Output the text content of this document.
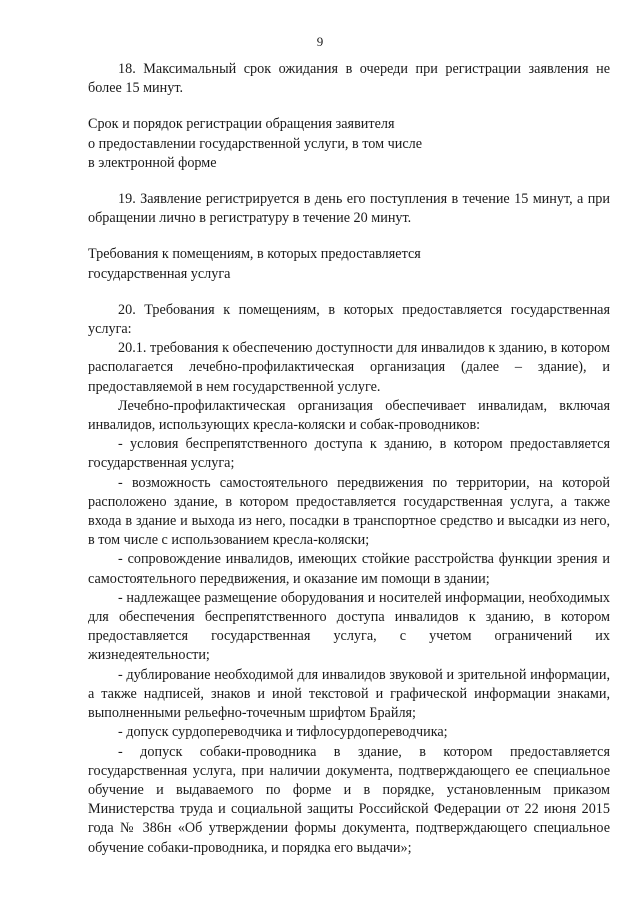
9

18. Максимальный срок ожидания в очереди при регистрации заявления не более 15 минут.

Срок и порядок регистрации обращения заявителя

о предоставлении государственной услуги, в том числе

в электронной форме

19. Заявление регистрируется в день его поступления в течение 15 минут, а при обращении лично в регистратуру в течение 20 минут.

Требования к помещениям, в которых предоставляется

государственная услуга

20. Требования к помещениям, в которых предоставляется государственная услуга:

20.1. требования к обеспечению доступности для инвалидов к зданию, в котором располагается лечебно-профилактическая организация (далее – здание), и предоставляемой в нем государственной услуге.

Лечебно-профилактическая организация обеспечивает инвалидам, включая инвалидов, использующих кресла-коляски и собак-проводников:

- условия беспрепятственного доступа к зданию, в котором предоставляется государственная услуга;

- возможность самостоятельного передвижения по территории, на которой расположено здание, в котором предоставляется государственная услуга, а также входа в здание и выхода из него, посадки в транспортное средство и высадки из него, в том числе с использованием кресла-коляски;

- сопровождение инвалидов, имеющих стойкие расстройства функции зрения и самостоятельного передвижения, и оказание им помощи в здании;

- надлежащее размещение оборудования и носителей информации, необходимых для обеспечения беспрепятственного доступа инвалидов к зданию, в котором предоставляется государственная услуга, с учетом ограничений их жизнедеятельности;

- дублирование необходимой для инвалидов звуковой и зрительной информации, а также надписей, знаков и иной текстовой и графической информации знаками, выполненными рельефно-точечным шрифтом Брайля;

- допуск сурдопереводчика и тифлосурдопереводчика;

- допуск собаки-проводника в здание, в котором предоставляется государственная услуга, при наличии документа, подтверждающего ее специальное обучение и выдаваемого по форме и в порядке, установленным приказом Министерства труда и социальной защиты Российской Федерации от 22 июня 2015 года № 386н «Об утверждении формы документа, подтверждающего специальное обучение собаки-проводника, и порядка его выдачи»;
